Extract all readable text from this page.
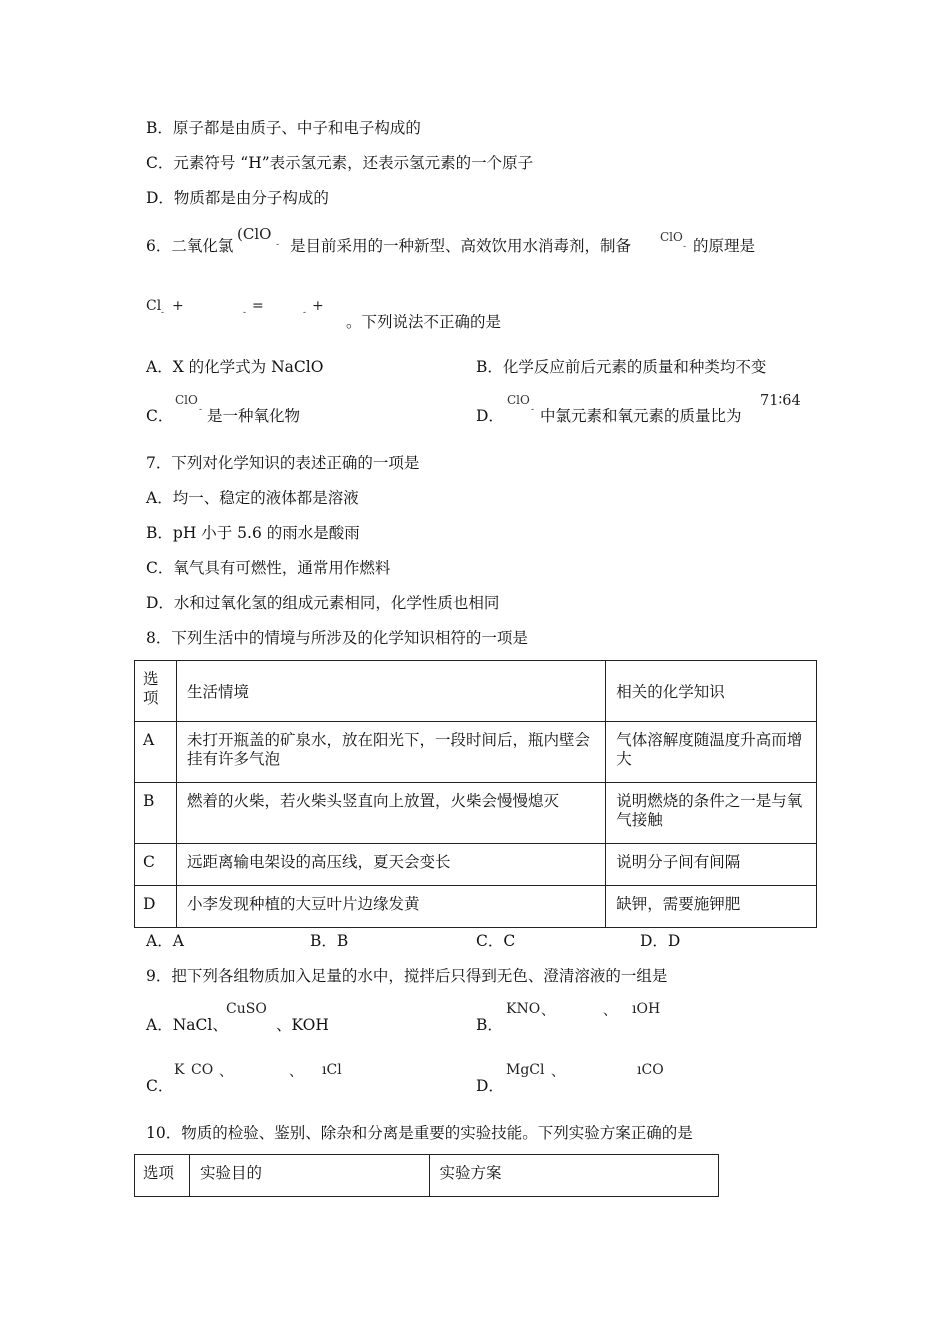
B．原子都是由质子、中子和电子构成的
C．元素符号 “H”表示氢元素，还表示氢元素的一个原子
D．物质都是由分子构成的
6．二氧化氯
(ClO
- 是目前采用的一种新型、高效饮用水消毒剂，制备 ClO
- 的原理是
Cl - +	- =	- +
。下列说法不正确的是
A．X 的化学式为 NaClO	B．化学反应前后元素的质量和种类均不变
C．
ClO
- 是一种氧化物	D．
ClO
- 中氯元素和氧元素的质量比为
71∶64
7．下列对化学知识的表述正确的一项是
A．均一、稳定的液体都是溶液
B．pH 小于 5.6 的雨水是酸雨
C．氧气具有可燃性，通常用作燃料
D．水和过氧化氢的组成元素相同，化学性质也相同
8．下列生活中的情境与所涉及的化学知识相符的一项是
选项	生活情境	相关的化学知识
A	未打开瓶盖的矿泉水，放在阳光下，一段时间后，瓶内壁会挂有许多气泡	气体溶解度随温度升高而增大
B	燃着的火柴，若火柴头竖直向上放置，火柴会慢慢熄灭	说明燃烧的条件之一是与氧气接触
C	远距离输电架设的高压线，夏天会变长	说明分子间有间隔
D	小李发现种植的大豆叶片边缘发黄	缺钾，需要施钾肥
A．A	B．B	C．C	D．D
9．把下列各组物质加入足量的水中，搅拌后只得到无色、澄清溶液的一组是
A．NaCl、
CuSO
、KOH	B．
KNO 、	、 ıOH
C．
K CO 、	、 ıCl
D．
MgCl 、	ıCO
10．物质的检验、鉴别、除杂和分离是重要的实验技能。下列实验方案正确的是
选项	实验目的	实验方案
